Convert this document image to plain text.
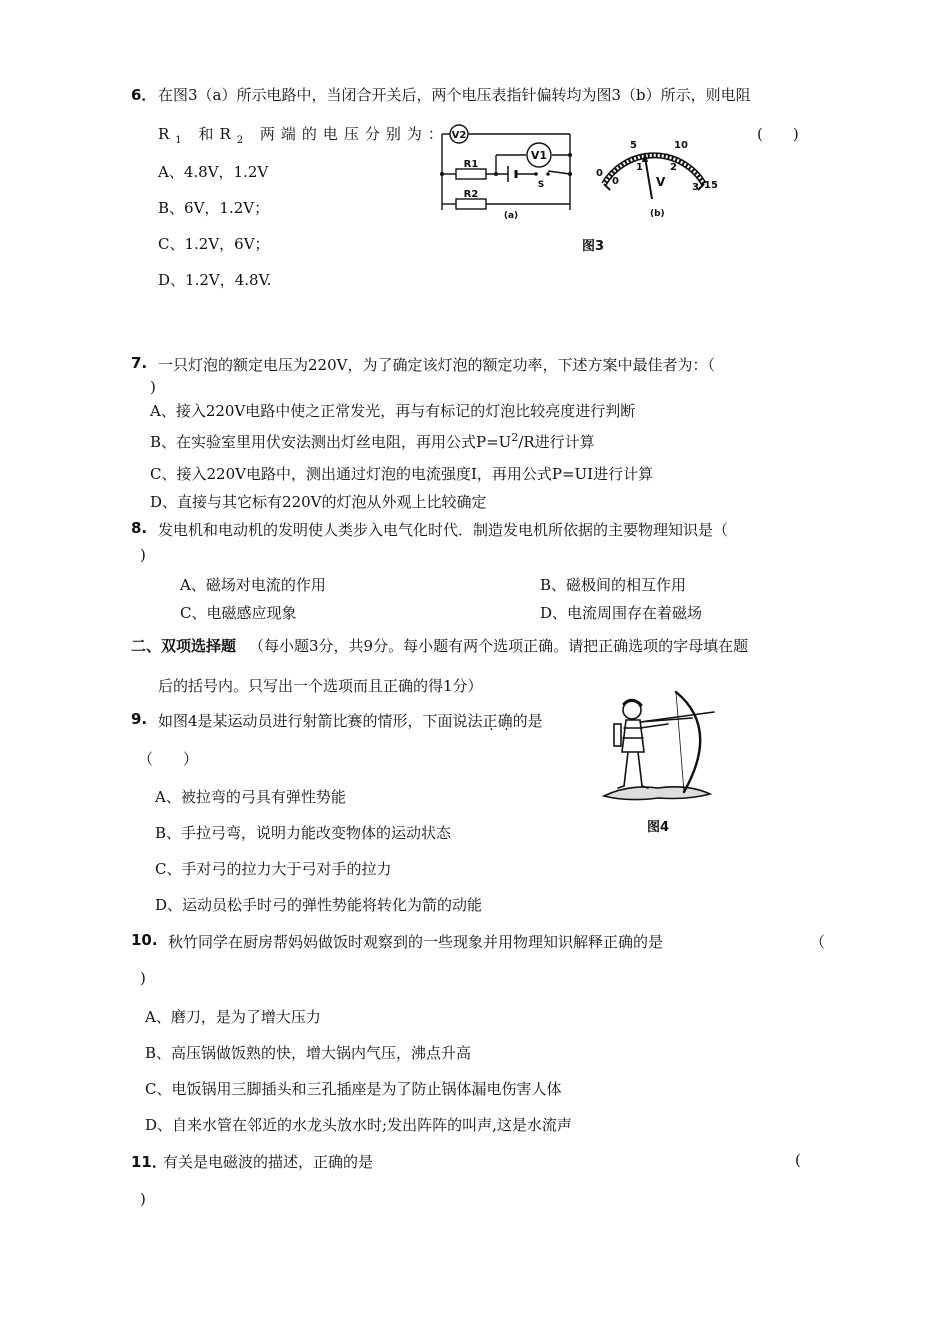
6． 在图3（a）所示电路中，当闭合开关后，两个电压表指针偏转均为图3（b）所示，则电阻
$R_1$ 和$R_2$ 两端的电压分别为：	(　　)
A、4.8V，1.2V
B、6V，1.2V；
C、1.2V，6V；
D、1.2V，4.8V.
V2
V1
R1
R2
S
(a)
0
5	10
15
0
1	2
3
V
(b)
图3
7. 一只灯泡的额定电压为220V，为了确定该灯泡的额定功率，下述方案中最佳者为：（
)
A、接入220V电路中使之正常发光，再与有标记的灯泡比较亮度进行判断
B、在实验室里用伏安法测出灯丝电阻，再用公式$P=U^2/R$进行计算
C、接入220V电路中，测出通过灯泡的电流强度I，再用公式P=UI进行计算
D、直接与其它标有220V的灯泡从外观上比较确定
8. 发电机和电动机的发明使人类步入电气化时代．制造发电机所依据的主要物理知识是（
)
A、磁场对电流的作用	B、磁极间的相互作用
C、电磁感应现象	D、电流周围存在着磁场
二、双项选择题 （每小题3分，共9分。每小题有两个选项正确。请把正确选项的字母填在题
后的括号内。只写出一个选项而且正确的得1分）
9. 如图4是某运动员进行射箭比赛的情形，下面说法正确的是
（　　）
A、被拉弯的弓具有弹性势能
B、手拉弓弯，说明力能改变物体的运动状态
C、手对弓的拉力大于弓对手的拉力
D、运动员松手时弓的弹性势能将转化为箭的动能
图4
10. 秋竹同学在厨房帮妈妈做饭时观察到的一些现象并用物理知识解释正确的是	（
)
A、磨刀，是为了增大压力
B、高压锅做饭熟的快，增大锅内气压，沸点升高
C、电饭锅用三脚插头和三孔插座是为了防止锅体漏电伤害人体
D、自来水管在邻近的水龙头放水时;发出阵阵的叫声,这是水流声
11．
有关是电磁波的描述，正确的是	(
)
